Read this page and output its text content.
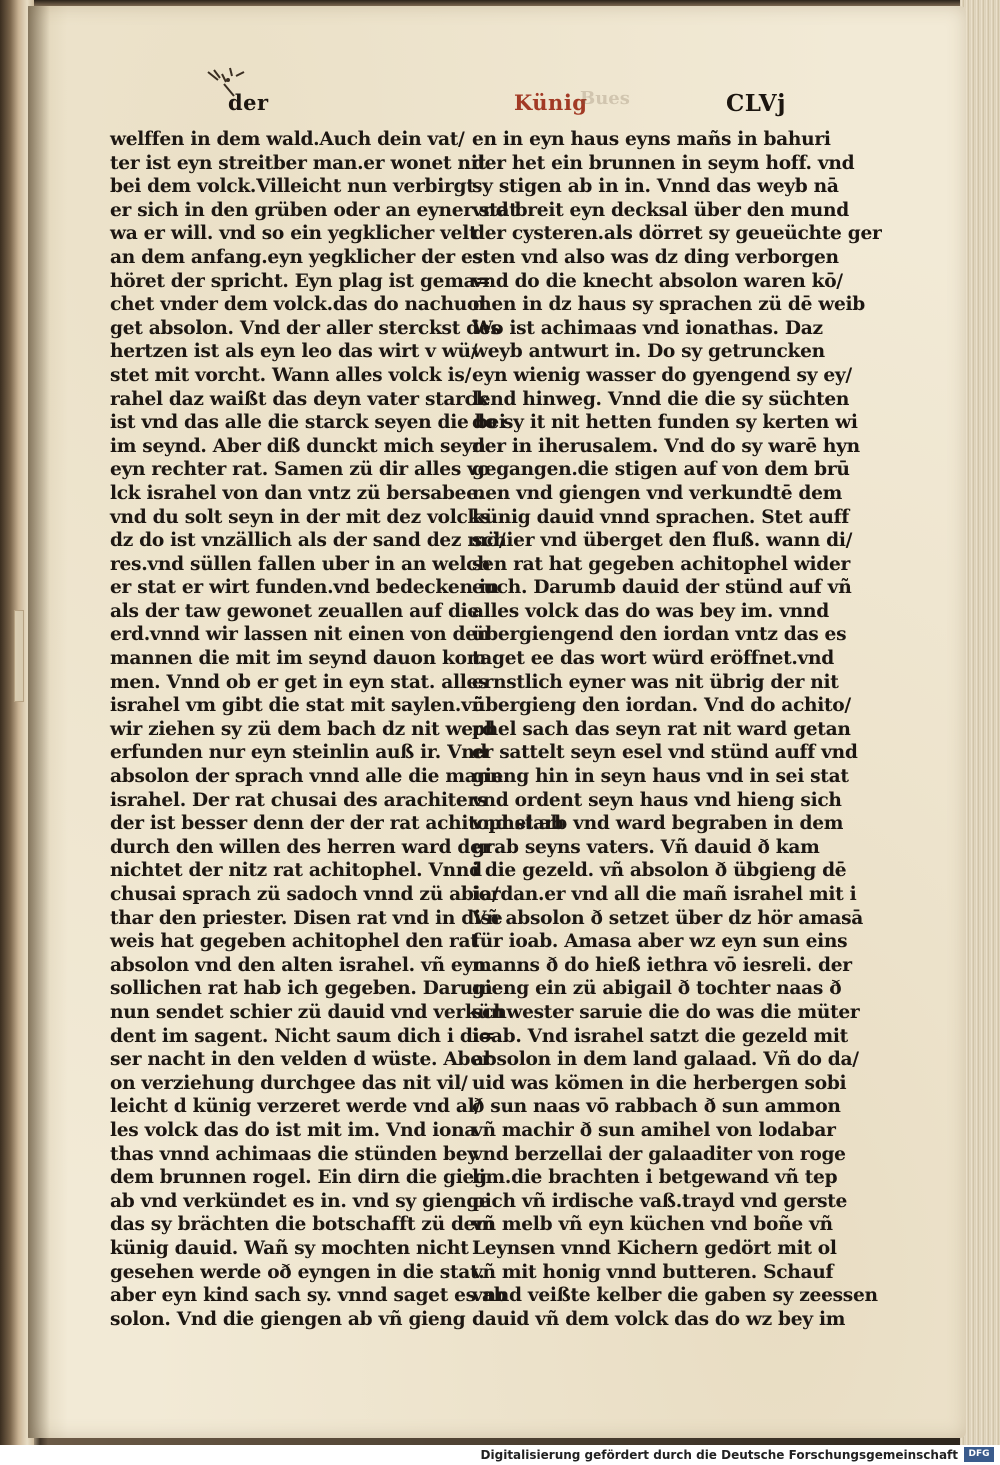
der	Künig
Bues	CLVj
welffen in dem wald.Auch dein vat/
ter ist eyn streitber man.er wonet nit
bei dem volck.Villeicht nun verbirgt
er sich in den grüben oder an eyner stat
wa er will. vnd so ein yegklicher velt
an dem anfang.eyn yegklicher der es
höret der spricht. Eyn plag ist gema=
chet vnder dem volck.das do nachuol
get absolon. Vnd der aller sterckst des
hertzen ist als eyn leo das wirt v wü/
stet mit vorcht. Wann alles volck is/
rahel daz waißt das deyn vater starck
ist vnd das alle die starck seyen die bei
im seynd. Aber diß dunckt mich seyn
eyn rechter rat. Samen zü dir alles vo
lck israhel von dan vntz zü bersabee.
vnd du solt seyn in der mit dez volcks
dz do ist vnzällich als der sand dez mö/
res.vnd süllen fallen uber in an welch
er stat er wirt funden.vnd bedecken in
als der taw gewonet zeuallen auf die
erd.vnnd wir lassen nit einen von den
mannen die mit im seynd dauon kom
men. Vnnd ob er get in eyn stat. alles
israhel vm gibt die stat mit saylen.vñ
wir ziehen sy zü dem bach dz nit werd
erfunden nur eyn steinlin auß ir. Vnd
absolon der sprach vnnd alle die mann
israhel. Der rat chusai des arachiters
der ist besser denn der der rat achitophel.ab
durch den willen des herren ward der
nichtet der nitz rat achitophel. Vnnd
chusai sprach zü sadoch vnnd zü abia/
thar den priester. Disen rat vnd in dise
weis hat gegeben achitophel den rat
absolon vnd den alten israhel. vñ eyn
sollichen rat hab ich gegeben. Darum
nun sendet schier zü dauid vnd verkün
dent im sagent. Nicht saum dich i di=
ser nacht in den velden d wüste. Aber
on verziehung durchgee das nit vil/
leicht d künig verzeret werde vnd al/
les volck das do ist mit im. Vnd iona
thas vnnd achimaas die stünden bey
dem brunnen rogel. Ein dirn die gieg
ab vnd verkündet es in. vnd sy gienge
das sy brächten die botschafft zü dem
künig dauid. Wañ sy mochten nicht
gesehen werde oð eyngen in die stat.
aber eyn kind sach sy. vnnd saget es ab
solon. Vnd die giengen ab vñ gieng
en in eyn haus eyns mañs in bahuri
der het ein brunnen in seym hoff. vnd
sy stigen ab in in. Vnnd das weyb nā
vnd breit eyn decksal über den mund
der cysteren.als dörret sy geueüchte ger
sten vnd also was dz ding verborgen
vnd do die knecht absolon waren kō/
men in dz haus sy sprachen zü dē weib
Wo ist achimaas vnd ionathas. Daz
weyb antwurt in. Do sy getruncken
eyn wienig wasser do gyengend sy ey/
lend hinweg. Vnnd die die sy süchten
do sy it nit hetten funden sy kerten wi
der in iherusalem. Vnd do sy warē hyn
gegangen.die stigen auf von dem brū
nen vnd giengen vnd verkundtē dem
künig dauid vnnd sprachen. Stet auff
schier vnd überget den fluß. wann di/
sen rat hat gegeben achitophel wider
euch. Darumb dauid der stünd auf vñ
alles volck das do was bey im. vnnd
übergiengend den iordan vntz das es
taget ee das wort würd eröffnet.vnd
ernstlich eyner was nit übrig der nit
übergieng den iordan. Vnd do achito/
phel sach das seyn rat nit ward getan
er sattelt seyn esel vnd stünd auff vnd
gieng hin in seyn haus vnd in sei stat
vnd ordent seyn haus vnd hieng sich
vnd starb vnd ward begraben in dem
grab seyns vaters. Vñ dauid ð kam
i die gezeld. vñ absolon ð übgieng dē
iordan.er vnd all die mañ israhel mit i
Vñ absolon ð setzet über dz hör amasā
für ioab. Amasa aber wz eyn sun eins
manns ð do hieß iethra vō iesreli. der
gieng ein zü abigail ð tochter naas ð
schwester saruie die do was die müter
ioab. Vnd israhel satzt die gezeld mit
absolon in dem land galaad. Vñ do da/
uid was kömen in die herbergen sobi
ð sun naas vō rabbach ð sun ammon
vñ machir ð sun amihel von lodabar
vnd berzellai der galaaditer von roge
lim.die brachten i betgewand vñ tep
pich vñ irdische vaß.trayd vnd gerste
vñ melb vñ eyn küchen vnd boñe vñ
Leynsen vnnd Kichern gedört mit ol
vñ mit honig vnnd butteren. Schauf
vnnd veißte kelber die gaben sy zeessen
dauid vñ dem volck das do wz bey im
Digitalisierung gefördert durch die Deutsche Forschungsgemeinschaft	DFG
